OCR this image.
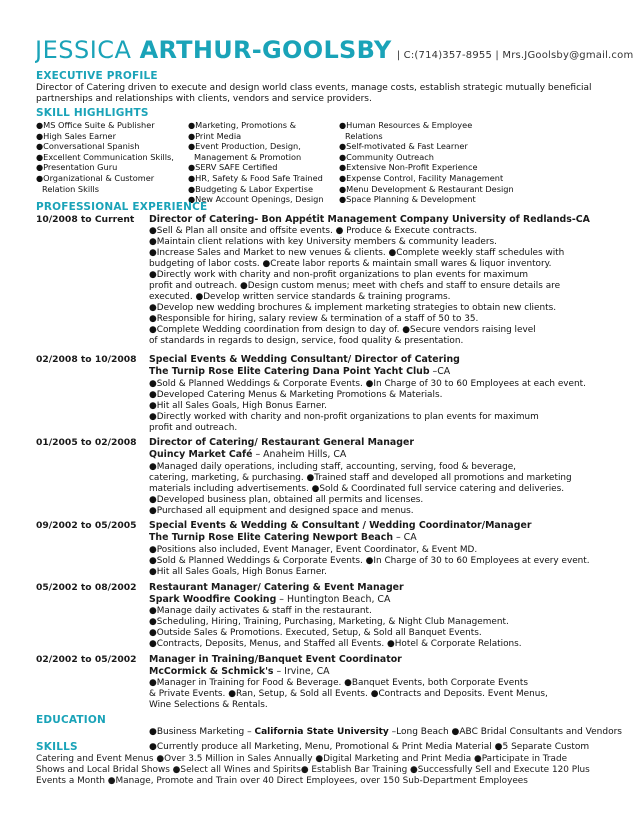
JESSICA ARTHUR-GOOLSBY | C:(714)357-8955 | Mrs.JGoolsby@gmail.com
EXECUTIVE PROFILE
Director of Catering driven to execute and design world class events, manage costs, establish strategic mutually beneficial
partnerships and relationships with clients, vendors and service providers.
SKILL HIGHLIGHTS
●MS Office Suite & Publisher
●High Sales Earner
●Conversational Spanish
●Excellent Communication Skills,
●Presentation Guru
●Organizational & Customer
Relation Skills
●Marketing, Promotions &
●Print Media
●Event Production, Design,
Management & Promotion
●SERV SAFE Certified
●HR, Safety & Food Safe Trained
●Budgeting & Labor Expertise
●New Account Openings, Design
●Human Resources & Employee
Relations
●Self-motivated & Fast Learner
●Community Outreach
●Extensive Non-Profit Experience
●Expense Control, Facility Management
●Menu Development & Restaurant Design
●Space Planning & Development
PROFESSIONAL EXPERIENCE
10/2008 to Current Director of Catering- Bon Appétit Management Company University of Redlands-CA
●Sell & Plan all onsite and offsite events. ● Produce & Execute contracts.
●Maintain client relations with key University members & community leaders.
●Increase Sales and Market to new venues & clients. ●Complete weekly staff schedules with
budgeting of labor costs. ●Create labor reports & maintain small wares & liquor inventory.
●Directly work with charity and non-profit organizations to plan events for maximum
profit and outreach. ●Design custom menus; meet with chefs and staff to ensure details are
executed. ●Develop written service standards & training programs.
●Develop new wedding brochures & implement marketing strategies to obtain new clients.
●Responsible for hiring, salary review & termination of a staff of 50 to 35.
●Complete Wedding coordination from design to day of. ●Secure vendors raising level
of standards in regards to design, service, food quality & presentation.
02/2008 to 10/2008 Special Events & Wedding Consultant/ Director of Catering
The Turnip Rose Elite Catering Dana Point Yacht Club –CA
●Sold & Planned Weddings & Corporate Events. ●In Charge of 30 to 60 Employees at each event.
●Developed Catering Menus & Marketing Promotions & Materials.
●Hit all Sales Goals, High Bonus Earner.
●Directly worked with charity and non-profit organizations to plan events for maximum
profit and outreach.
01/2005 to 02/2008 Director of Catering/ Restaurant General Manager
Quincy Market Café – Anaheim Hills, CA
●Managed daily operations, including staff, accounting, serving, food & beverage,
catering, marketing, & purchasing. ●Trained staff and developed all promotions and marketing
materials including advertisements. ●Sold & Coordinated full service catering and deliveries.
●Developed business plan, obtained all permits and licenses.
●Purchased all equipment and designed space and menus.
09/2002 to 05/2005 Special Events & Wedding & Consultant / Wedding Coordinator/Manager
The Turnip Rose Elite Catering Newport Beach – CA
●Positions also included, Event Manager, Event Coordinator, & Event MD.
●Sold & Planned Weddings & Corporate Events. ●In Charge of 30 to 60 Employees at every event.
●Hit all Sales Goals, High Bonus Earner.
05/2002 to 08/2002 Restaurant Manager/ Catering & Event Manager
Spark Woodfire Cooking – Huntington Beach, CA
●Manage daily activates & staff in the restaurant.
●Scheduling, Hiring, Training, Purchasing, Marketing, & Night Club Management.
●Outside Sales & Promotions. Executed, Setup, & Sold all Banquet Events.
●Contracts, Deposits, Menus, and Staffed all Events. ●Hotel & Corporate Relations.
02/2002 to 05/2002 Manager in Training/Banquet Event Coordinator
McCormick & Schmick's – Irvine, CA
●Manager in Training for Food & Beverage. ●Banquet Events, both Corporate Events
& Private Events. ●Ran, Setup, & Sold all Events. ●Contracts and Deposits. Event Menus,
Wine Selections & Rentals.
EDUCATION
●Business Marketing – California State University –Long Beach ●ABC Bridal Consultants and Vendors
SKILLS	●Currently produce all Marketing, Menu, Promotional & Print Media Material ●5 Separate Custom
Catering and Event Menus ●Over 3.5 Million in Sales Annually ●Digital Marketing and Print Media ●Participate in Trade
Shows and Local Bridal Shows ●Select all Wines and Spirits● Establish Bar Training ●Successfully Sell and Execute 120 Plus
Events a Month ●Manage, Promote and Train over 40 Direct Employees, over 150 Sub-Department Employees
